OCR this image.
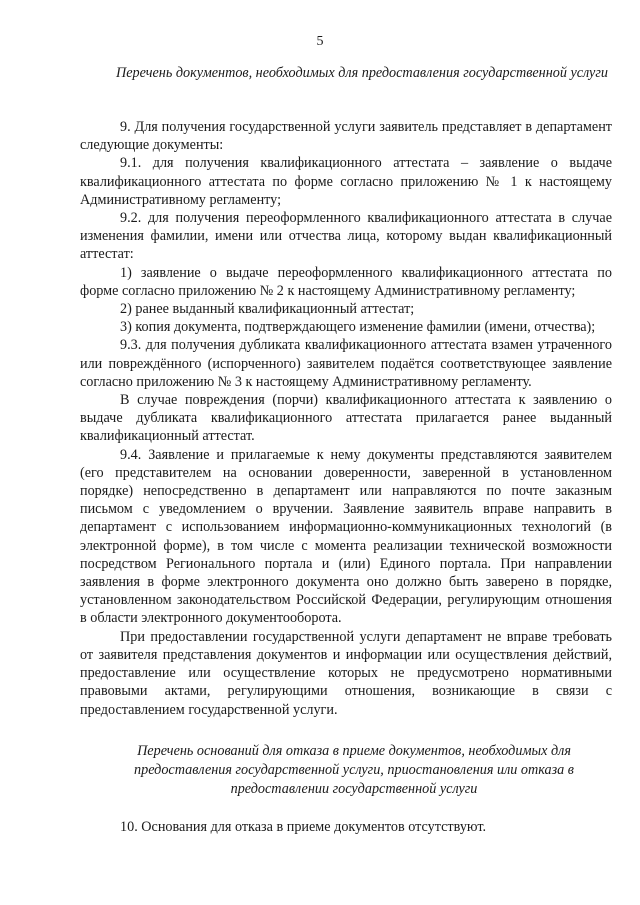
5
Перечень документов, необходимых для предоставления государственной услуги

9. Для получения государственной услуги заявитель представляет в департамент следующие документы:

9.1. для получения квалификационного аттестата – заявление о выдаче квалификационного аттестата по форме согласно приложению № 1 к настоящему Административному регламенту;

9.2. для получения переоформленного квалификационного аттестата в случае изменения фамилии, имени или отчества лица, которому выдан квалификационный аттестат:

1) заявление о выдаче переоформленного квалификационного аттестата по форме согласно приложению № 2 к настоящему Административному регламенту;

2) ранее выданный квалификационный аттестат;

3) копия документа, подтверждающего изменение фамилии (имени, отчества);

9.3. для получения дубликата квалификационного аттестата взамен утраченного или повреждённого (испорченного) заявителем подаётся соответствующее заявление согласно приложению № 3 к настоящему Административному регламенту.

В случае повреждения (порчи) квалификационного аттестата к заявлению о выдаче дубликата квалификационного аттестата прилагается ранее выданный квалификационный аттестат.

9.4. Заявление и прилагаемые к нему документы представляются заявителем (его представителем на основании доверенности, заверенной в установленном порядке) непосредственно в департамент или направляются по почте заказным письмом с уведомлением о вручении. Заявление заявитель вправе направить в департамент с использованием информационно-коммуникационных технологий (в электронной форме), в том числе с момента реализации технической возможности посредством Регионального портала и (или) Единого портала. При направлении заявления в форме электронного документа оно должно быть заверено в порядке, установленном законодательством Российской Федерации, регулирующим отношения в области электронного документооборота.

При предоставлении государственной услуги департамент не вправе требовать от заявителя представления документов и информации или осуществления действий, предоставление или осуществление которых не предусмотрено нормативными правовыми актами, регулирующими отношения, возникающие в связи с предоставлением государственной услуги.

Перечень оснований для отказа в приеме документов, необходимых для предоставления государственной услуги, приостановления или отказа в предоставлении государственной услуги
10. Основания для отказа в приеме документов отсутствуют.
